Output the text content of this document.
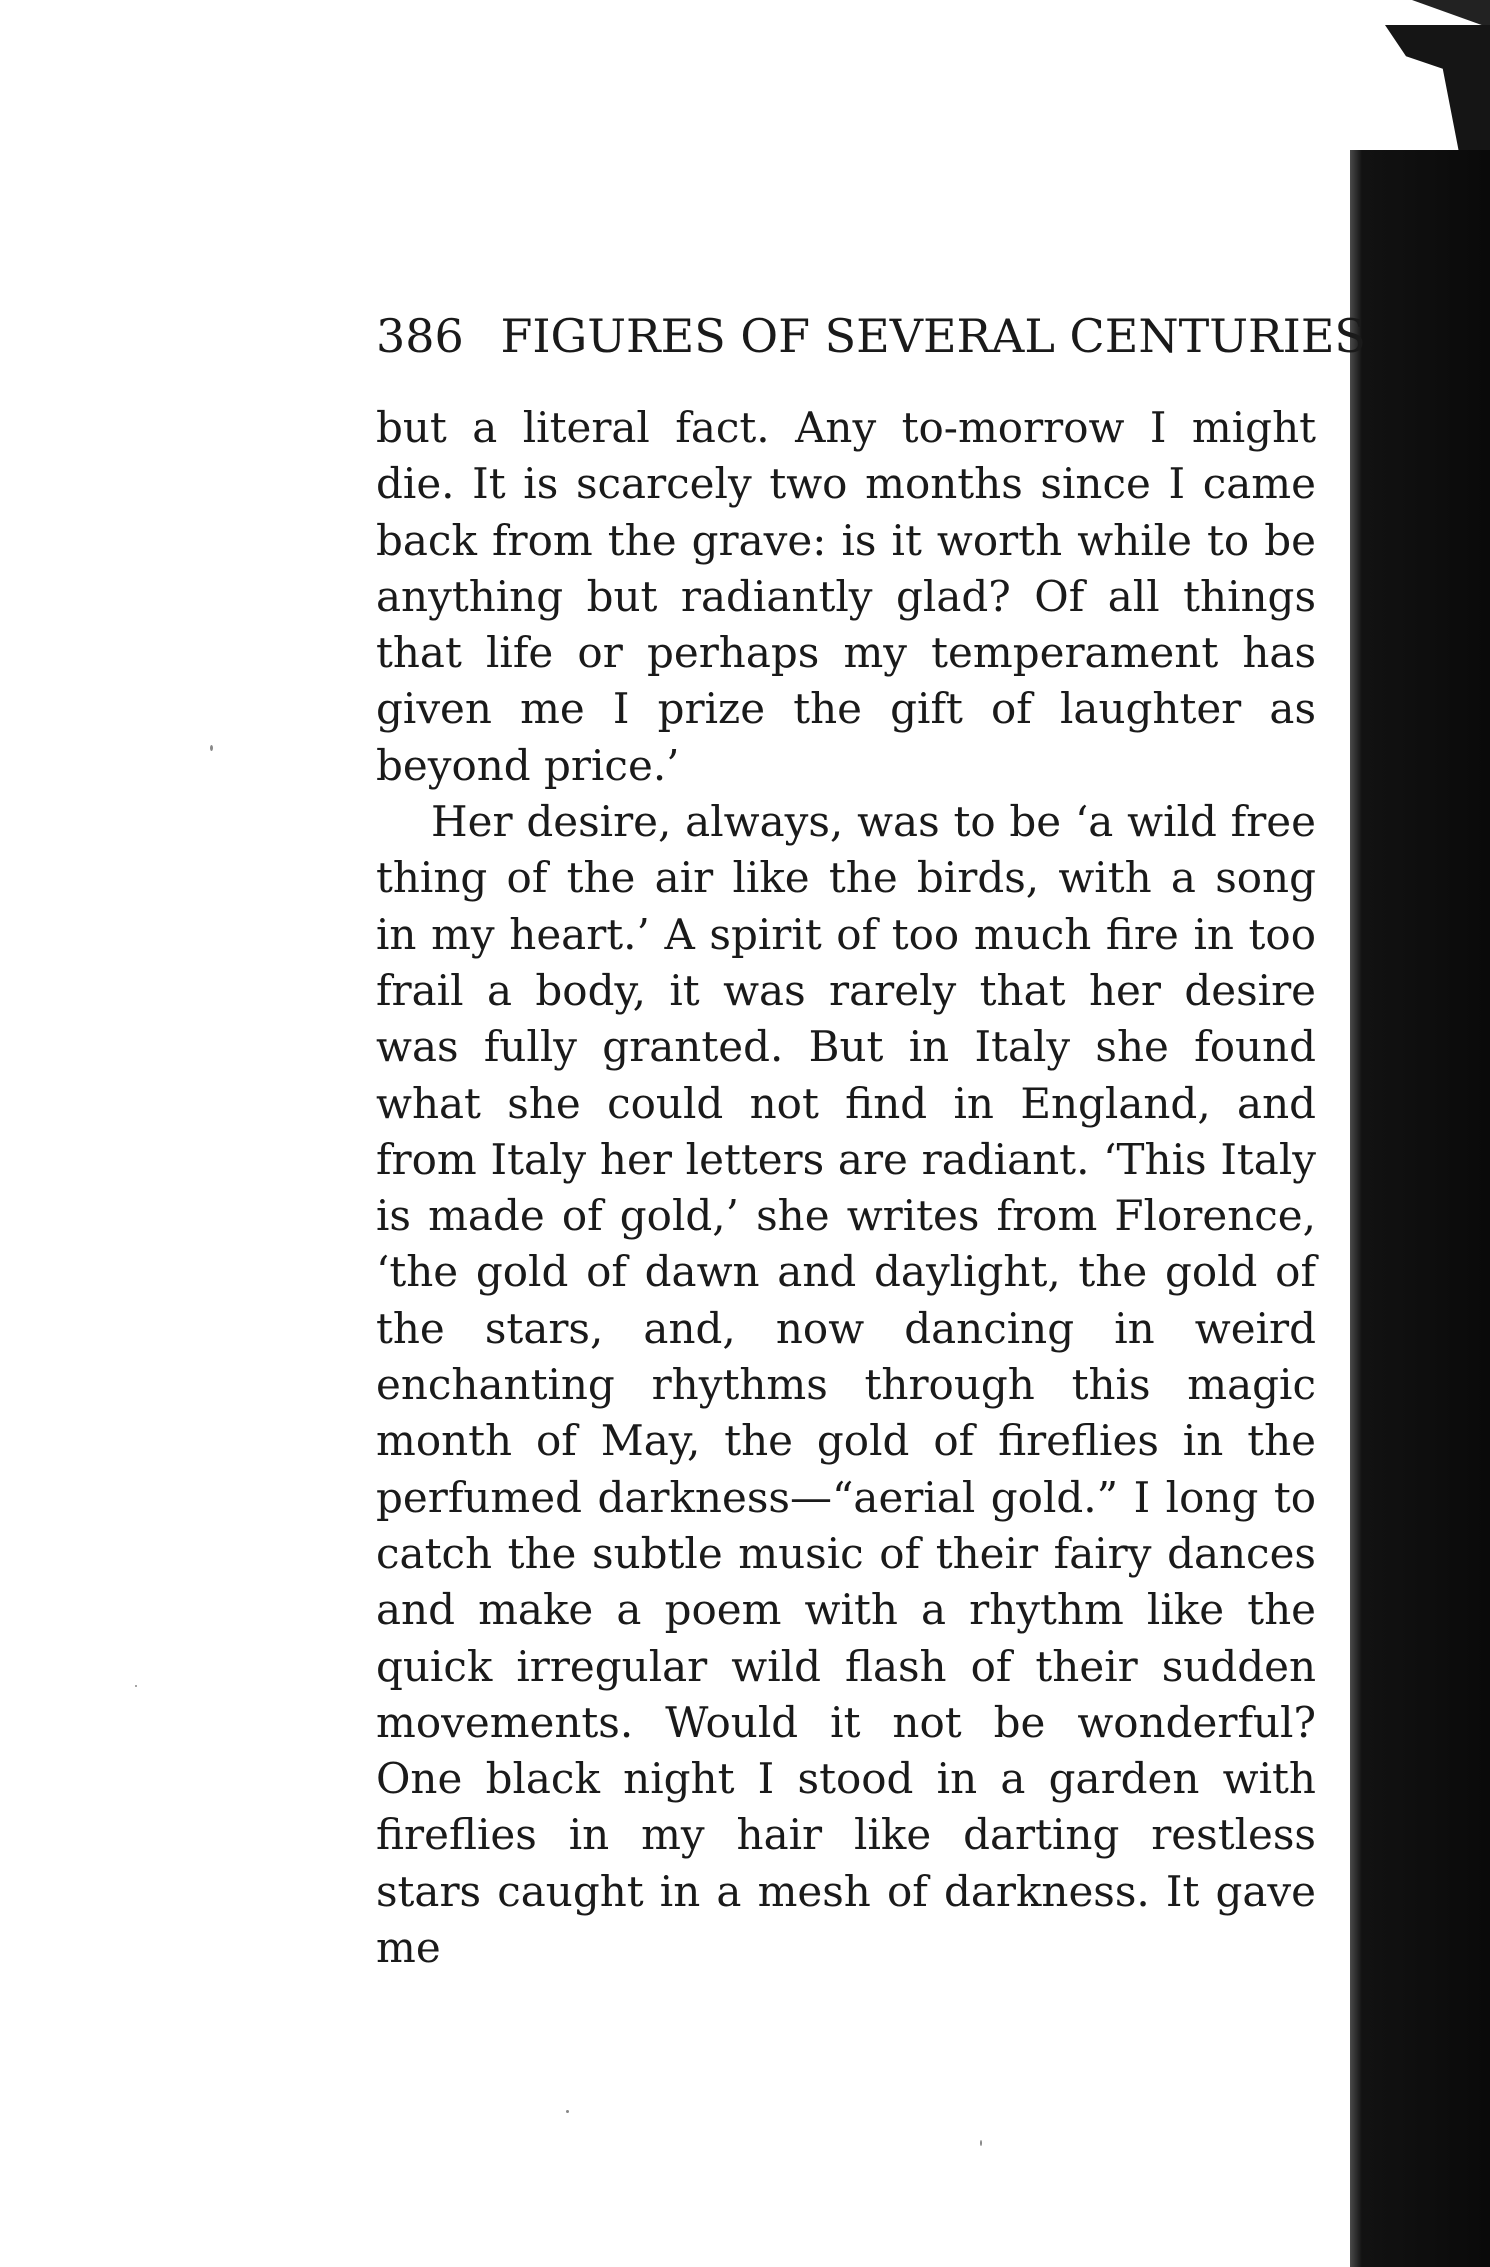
386 FIGURES OF SEVERAL CENTURIES

but a literal fact. Any to-morrow I might die. It is scarcely two months since I came back from the grave: is it worth while to be anything but radiantly glad? Of all things that life or perhaps my temperament has given me I prize the gift of laughter as beyond price.’

Her desire, always, was to be ‘a wild free thing of the air like the birds, with a song in my heart.’ A spirit of too much fire in too frail a body, it was rarely that her desire was fully granted. But in Italy she found what she could not find in England, and from Italy her letters are radiant. ‘This Italy is made of gold,’ she writes from Florence, ‘the gold of dawn and daylight, the gold of the stars, and, now dancing in weird enchanting rhythms through this magic month of May, the gold of fireflies in the perfumed darkness—“aerial gold.” I long to catch the subtle music of their fairy dances and make a poem with a rhythm like the quick irregular wild flash of their sudden movements. Would it not be wonderful? One black night I stood in a garden with fireflies in my hair like darting restless stars caught in a mesh of darkness. It gave me
